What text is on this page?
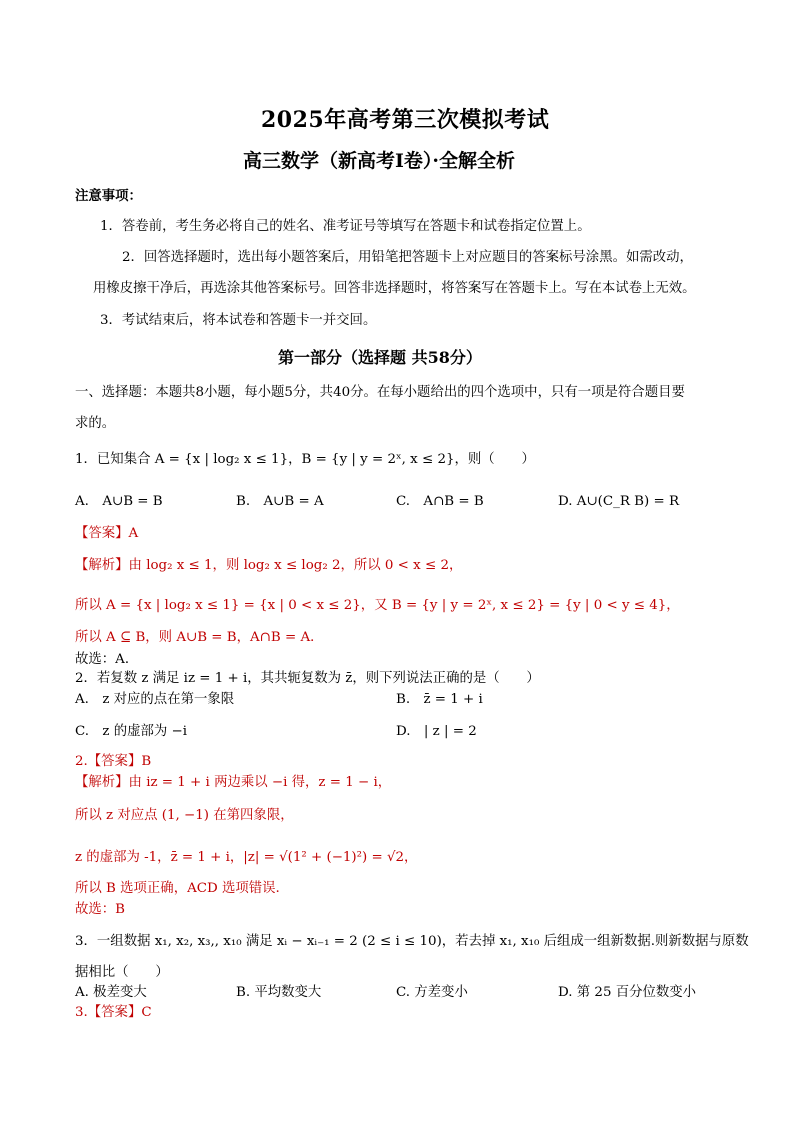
2025年高考第三次模拟考试
高三数学（新高考Ⅰ卷）·全解全析
注意事项：
1．答卷前，考生务必将自己的姓名、准考证号等填写在答题卡和试卷指定位置上。
2．回答选择题时，选出每小题答案后，用铅笔把答题卡上对应题目的答案标号涂黑。如需改动，
用橡皮擦干净后，再选涂其他答案标号。回答非选择题时，将答案写在答题卡上。写在本试卷上无效。
3．考试结束后，将本试卷和答题卡一并交回。
第一部分（选择题 共58分）
一、选择题：本题共8小题，每小题5分，共40分。在每小题给出的四个选项中，只有一项是符合题目要
求的。
1．已知集合 A = {x | log₂ x ≤ 1}，B = {y | y = 2ˣ, x ≤ 2}，则（　　）
A.　A∪B = B	B.　A∪B = A	C.　A∩B = B	D. A∪(C_R B) = R
【答案】A
【解析】由 log₂ x ≤ 1，则 log₂ x ≤ log₂ 2，所以 0 < x ≤ 2，
所以 A = {x | log₂ x ≤ 1} = {x | 0 < x ≤ 2}，又 B = {y | y = 2ˣ, x ≤ 2} = {y | 0 < y ≤ 4}，
所以 A ⊆ B，则 A∪B = B，A∩B = A．
故选：A．
2．若复数 z 满足 iz = 1 + i，其共轭复数为 z̄，则下列说法正确的是（　　）
A.　z 对应的点在第一象限	B.　z̄ = 1 + i
C.　z 的虚部为 −i	D.　| z | = 2
2.【答案】B
【解析】由 iz = 1 + i 两边乘以 −i 得，z = 1 − i，
所以 z 对应点 (1, −1) 在第四象限，
z 的虚部为 -1，z̄ = 1 + i，|z| = √(1² + (−1)²) = √2，
所以 B 选项正确，ACD 选项错误.
故选：B
3．一组数据 x₁, x₂, x₃,, x₁₀ 满足 xᵢ − xᵢ₋₁ = 2 (2 ≤ i ≤ 10)，若去掉 x₁, x₁₀ 后组成一组新数据.则新数据与原数
据相比（　　）
A. 极差变大	B. 平均数变大	C. 方差变小	D. 第 25 百分位数变小
3.【答案】C
